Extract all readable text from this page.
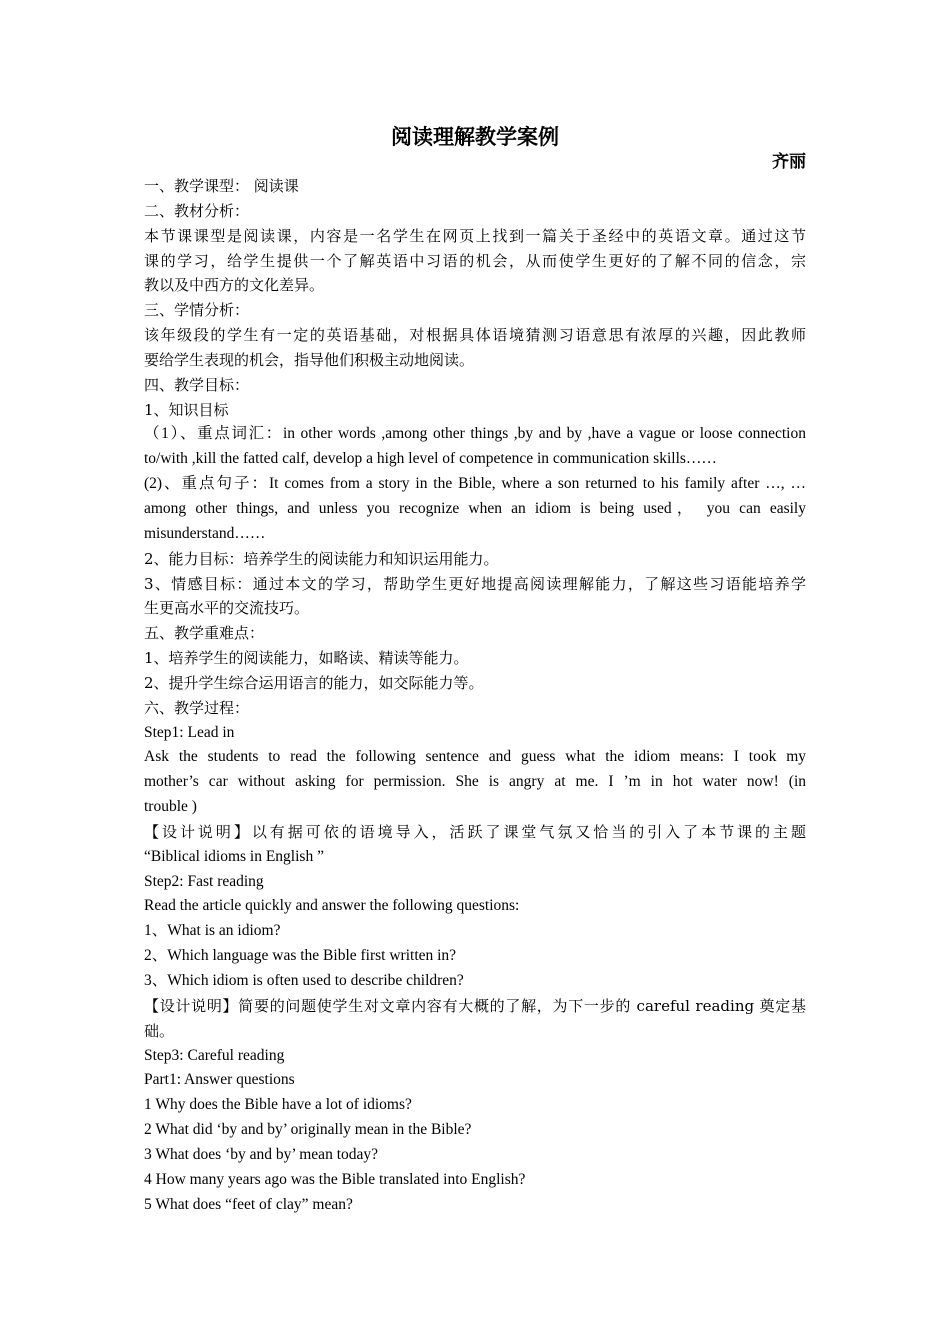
阅读理解教学案例
齐丽
一、教学课型： 阅读课
二、教材分析：
本节课课型是阅读课，内容是一名学生在网页上找到一篇关于圣经中的英语文章。通过这节
课的学习，给学生提供一个了解英语中习语的机会，从而使学生更好的了解不同的信念，宗
教以及中西方的文化差异。
三、学情分析：
该年级段的学生有一定的英语基础，对根据具体语境猜测习语意思有浓厚的兴趣，因此教师
要给学生表现的机会，指导他们积极主动地阅读。
四、教学目标：
1、知识目标
（1）、重点词汇：in other words ,among other things ,by and by ,have a vague or loose connection
to/with ,kill the fatted calf, develop a high level of competence in communication skills……
(2)、重点句子：It comes from a story in the Bible, where a son returned to his family after …, …
among other things, and unless you recognize when an idiom is being used， you can easily
misunderstand……
2、能力目标：培养学生的阅读能力和知识运用能力。
3、情感目标：通过本文的学习，帮助学生更好地提高阅读理解能力，了解这些习语能培养学
生更高水平的交流技巧。
五、教学重难点：
1、培养学生的阅读能力，如略读、精读等能力。
2、提升学生综合运用语言的能力，如交际能力等。
六、教学过程：
Step1: Lead in
Ask the students to read the following sentence and guess what the idiom means: I took my
mother’s car without asking for permission. She is angry at me. I ’m in hot water now! (in
trouble )
【设计说明】以有据可依的语境导入，活跃了课堂气氛又恰当的引入了本节课的主题
“Biblical idioms in English ”
Step2: Fast reading
Read the article quickly and answer the following questions:
1、What is an idiom?
2、Which language was the Bible first written in?
3、Which idiom is often used to describe children?
【设计说明】简要的问题使学生对文章内容有大概的了解，为下一步的 careful reading 奠定基
础。
Step3: Careful reading
Part1: Answer questions
1 Why does the Bible have a lot of idioms?
2 What did ‘by and by’ originally mean in the Bible?
3 What does ‘by and by’ mean today?
4 How many years ago was the Bible translated into English?
5 What does “feet of clay” mean?
